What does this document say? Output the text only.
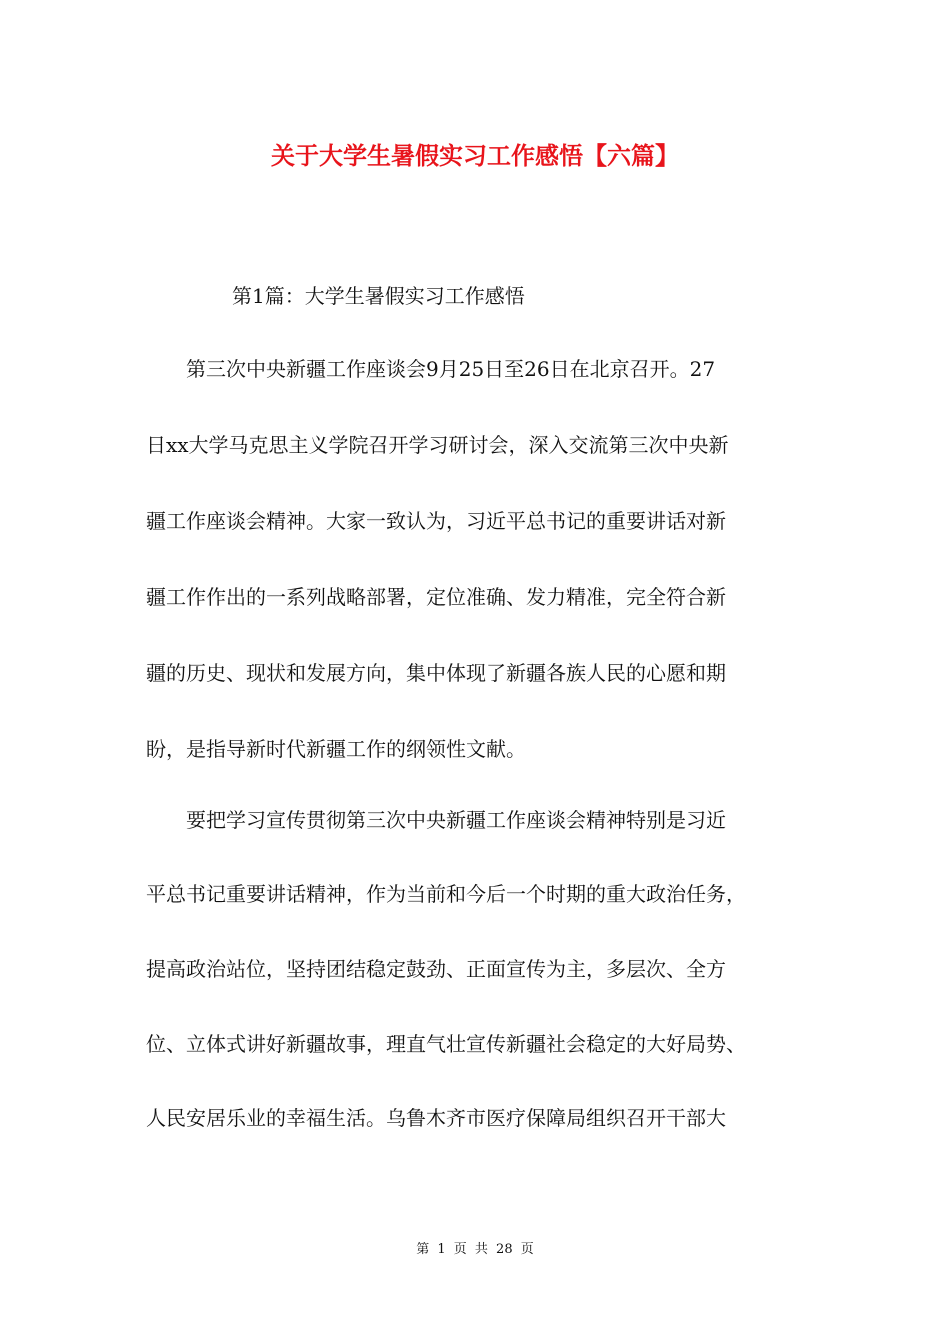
关于大学生暑假实习工作感悟【六篇】
第1篇：大学生暑假实习工作感悟
　　第三次中央新疆工作座谈会9月25日至26日在北京召开。27
日xx大学马克思主义学院召开学习研讨会，深入交流第三次中央新
疆工作座谈会精神。大家一致认为，习近平总书记的重要讲话对新
疆工作作出的一系列战略部署，定位准确、发力精准，完全符合新
疆的历史、现状和发展方向，集中体现了新疆各族人民的心愿和期
盼，是指导新时代新疆工作的纲领性文献。
　　要把学习宣传贯彻第三次中央新疆工作座谈会精神特别是习近
平总书记重要讲话精神，作为当前和今后一个时期的重大政治任务，
提高政治站位，坚持团结稳定鼓劲、正面宣传为主，多层次、全方
位、立体式讲好新疆故事，理直气壮宣传新疆社会稳定的大好局势、
人民安居乐业的幸福生活。乌鲁木齐市医疗保障局组织召开干部大
第 1 页 共 28 页
